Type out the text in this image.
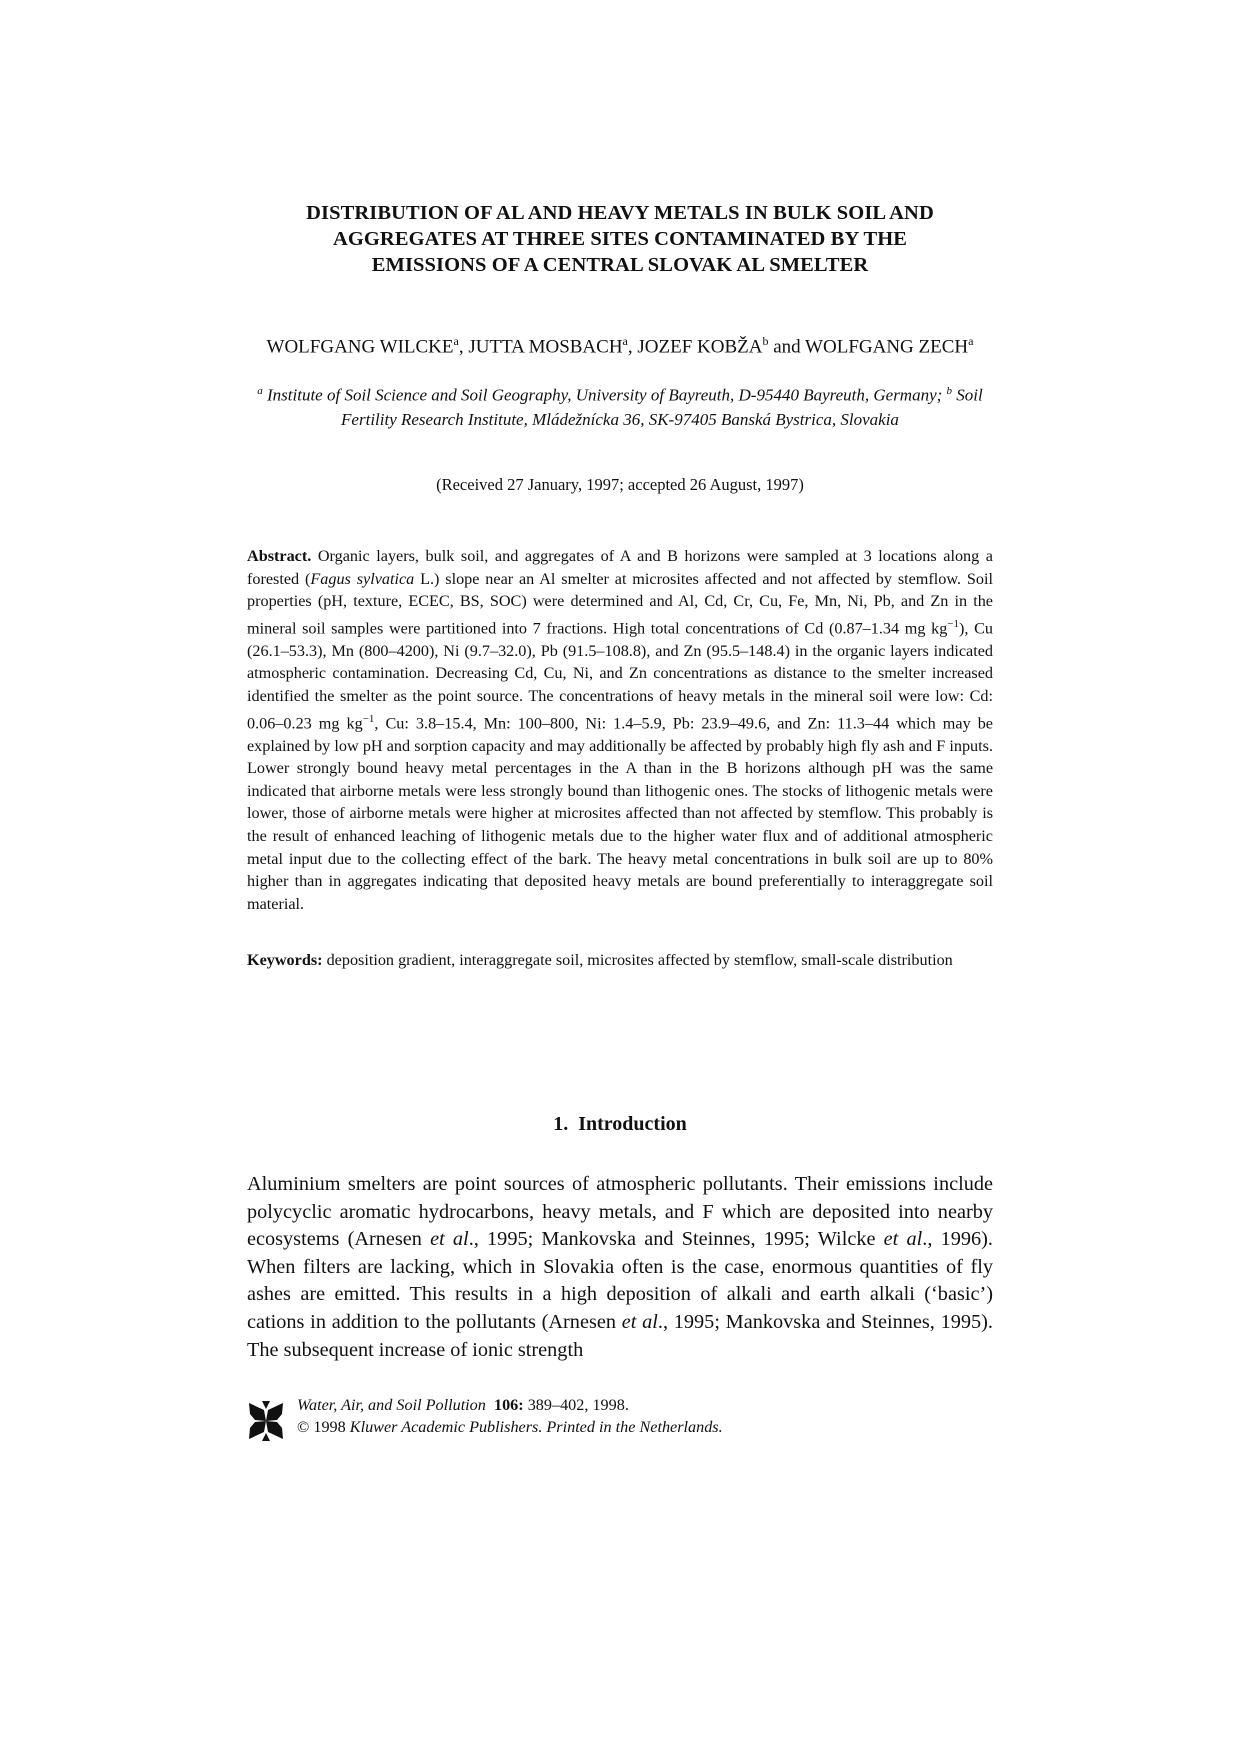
DISTRIBUTION OF AL AND HEAVY METALS IN BULK SOIL AND
AGGREGATES AT THREE SITES CONTAMINATED BY THE
EMISSIONS OF A CENTRAL SLOVAK AL SMELTER
WOLFGANG WILCKE$^a$, JUTTA MOSBACH$^a$, JOZEF KOBŽA$^b$ and WOLFGANG ZECH$^a$
$^a$ Institute of Soil Science and Soil Geography, University of Bayreuth, D-95440 Bayreuth, Germany; $^b$ Soil Fertility Research Institute, Mládežnícka 36, SK-97405 Banská Bystrica, Slovakia
(Received 27 January, 1997; accepted 26 August, 1997)
Abstract. Organic layers, bulk soil, and aggregates of A and B horizons were sampled at 3 locations along a forested (Fagus sylvatica L.) slope near an Al smelter at microsites affected and not affected by stemflow. Soil properties (pH, texture, ECEC, BS, SOC) were determined and Al, Cd, Cr, Cu, Fe, Mn, Ni, Pb, and Zn in the mineral soil samples were partitioned into 7 fractions. High total concentrations of Cd (0.87–1.34 mg $kg^{-1}$), Cu (26.1–53.3), Mn (800–4200), Ni (9.7–32.0), Pb (91.5–108.8), and Zn (95.5–148.4) in the organic layers indicated atmospheric contamination. Decreasing Cd, Cu, Ni, and Zn concentrations as distance to the smelter increased identified the smelter as the point source. The concentrations of heavy metals in the mineral soil were low: Cd: 0.06–0.23 mg $kg^{-1}$, Cu: 3.8–15.4, Mn: 100–800, Ni: 1.4–5.9, Pb: 23.9–49.6, and Zn: 11.3–44 which may be explained by low pH and sorption capacity and may additionally be affected by probably high fly ash and F inputs. Lower strongly bound heavy metal percentages in the A than in the B horizons although pH was the same indicated that airborne metals were less strongly bound than lithogenic ones. The stocks of lithogenic metals were lower, those of airborne metals were higher at microsites affected than not affected by stemflow. This probably is the result of enhanced leaching of lithogenic metals due to the higher water flux and of additional atmospheric metal input due to the collecting effect of the bark. The heavy metal concentrations in bulk soil are up to 80% higher than in aggregates indicating that deposited heavy metals are bound preferentially to interaggregate soil material.
Keywords: deposition gradient, interaggregate soil, microsites affected by stemflow, small-scale distribution
1. Introduction
Aluminium smelters are point sources of atmospheric pollutants. Their emissions include polycyclic aromatic hydrocarbons, heavy metals, and F which are deposited into nearby ecosystems (Arnesen et al., 1995; Mankovska and Steinnes, 1995; Wilcke et al., 1996). When filters are lacking, which in Slovakia often is the case, enormous quantities of fly ashes are emitted. This results in a high deposition of alkali and earth alkali (‘basic’) cations in addition to the pollutants (Arnesen et al., 1995; Mankovska and Steinnes, 1995). The subsequent increase of ionic strength
Water, Air, and Soil Pollution 106: 389–402, 1998.
© 1998 Kluwer Academic Publishers. Printed in the Netherlands.
